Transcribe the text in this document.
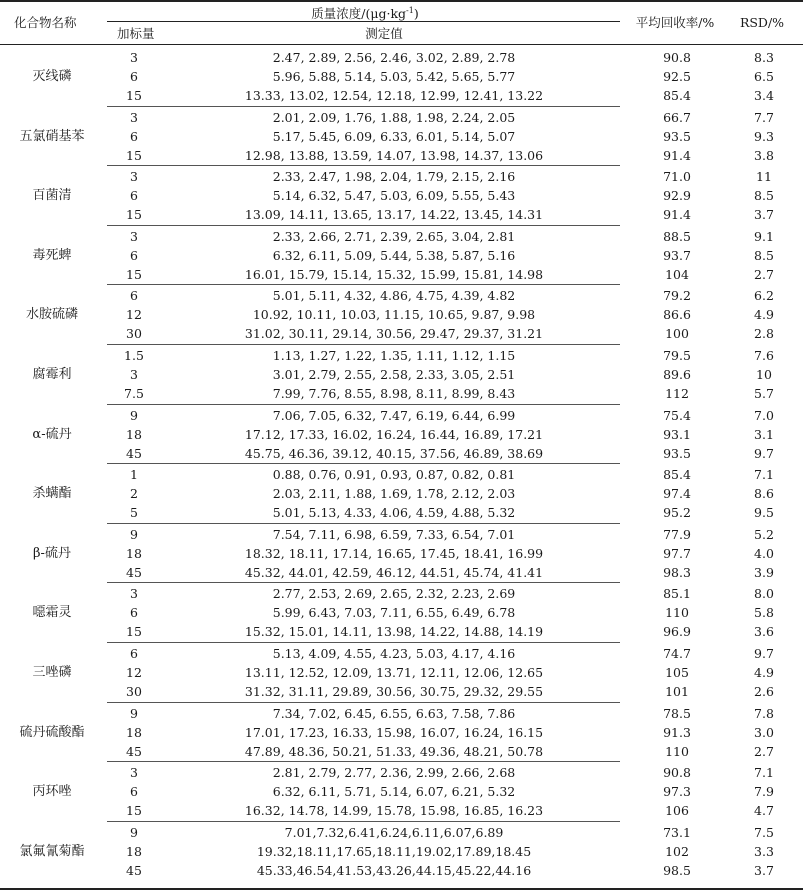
化合物名称
质量浓度$/(\mu g\cdot kg^{-1})$
加标量	测定值
平均回收率/% RSD/%
灭线磷
3	2.47, 2.89, 2.56, 2.46, 3.02, 2.89, 2.78	90.8	8.3
6	5.96, 5.88, 5.14, 5.03, 5.42, 5.65, 5.77	92.5	6.5
15	13.33, 13.02, 12.54, 12.18, 12.99, 12.41, 13.22	85.4	3.4
五氯硝基苯
3	2.01, 2.09, 1.76, 1.88, 1.98, 2.24, 2.05	66.7	7.7
6	5.17, 5.45, 6.09, 6.33, 6.01, 5.14, 5.07	93.5	9.3
15	12.98, 13.88, 13.59, 14.07, 13.98, 14.37, 13.06	91.4	3.8
百菌清
3	2.33, 2.47, 1.98, 2.04, 1.79, 2.15, 2.16	71.0	11
6	5.14, 6.32, 5.47, 5.03, 6.09, 5.55, 5.43	92.9	8.5
15	13.09, 14.11, 13.65, 13.17, 14.22, 13.45, 14.31	91.4	3.7
毒死蜱
3	2.33, 2.66, 2.71, 2.39, 2.65, 3.04, 2.81	88.5	9.1
6	6.32, 6.11, 5.09, 5.44, 5.38, 5.87, 5.16	93.7	8.5
15	16.01, 15.79, 15.14, 15.32, 15.99, 15.81, 14.98	104	2.7
水胺硫磷
6	5.01, 5.11, 4.32, 4.86, 4.75, 4.39, 4.82	79.2	6.2
12	10.92, 10.11, 10.03, 11.15, 10.65, 9.87, 9.98	86.6	4.9
30	31.02, 30.11, 29.14, 30.56, 29.47, 29.37, 31.21	100	2.8
腐霉利
1.5	1.13, 1.27, 1.22, 1.35, 1.11, 1.12, 1.15	79.5	7.6
3	3.01, 2.79, 2.55, 2.58, 2.33, 3.05, 2.51	89.6	10
7.5	7.99, 7.76, 8.55, 8.98, 8.11, 8.99, 8.43	112	5.7
α-硫丹
9	7.06, 7.05, 6.32, 7.47, 6.19, 6.44, 6.99	75.4	7.0
18	17.12, 17.33, 16.02, 16.24, 16.44, 16.89, 17.21	93.1	3.1
45	45.75, 46.36, 39.12, 40.15, 37.56, 46.89, 38.69	93.5	9.7
杀螨酯
1	0.88, 0.76, 0.91, 0.93, 0.87, 0.82, 0.81	85.4	7.1
2	2.03, 2.11, 1.88, 1.69, 1.78, 2.12, 2.03	97.4	8.6
5	5.01, 5.13, 4.33, 4.06, 4.59, 4.88, 5.32	95.2	9.5
β-硫丹
9	7.54, 7.11, 6.98, 6.59, 7.33, 6.54, 7.01	77.9	5.2
18	18.32, 18.11, 17.14, 16.65, 17.45, 18.41, 16.99	97.7	4.0
45	45.32, 44.01, 42.59, 46.12, 44.51, 45.74, 41.41	98.3	3.9
噁霜灵
3	2.77, 2.53, 2.69, 2.65, 2.32, 2.23, 2.69	85.1	8.0
6	5.99, 6.43, 7.03, 7.11, 6.55, 6.49, 6.78	110	5.8
15	15.32, 15.01, 14.11, 13.98, 14.22, 14.88, 14.19	96.9	3.6
三唑磷
6	5.13, 4.09, 4.55, 4.23, 5.03, 4.17, 4.16	74.7	9.7
12	13.11, 12.52, 12.09, 13.71, 12.11, 12.06, 12.65	105	4.9
30	31.32, 31.11, 29.89, 30.56, 30.75, 29.32, 29.55	101	2.6
硫丹硫酸酯
9	7.34, 7.02, 6.45, 6.55, 6.63, 7.58, 7.86	78.5	7.8
18	17.01, 17.23, 16.33, 15.98, 16.07, 16.24, 16.15	91.3	3.0
45	47.89, 48.36, 50.21, 51.33, 49.36, 48.21, 50.78	110	2.7
丙环唑
3	2.81, 2.79, 2.77, 2.36, 2.99, 2.66, 2.68	90.8	7.1
6	6.32, 6.11, 5.71, 5.14, 6.07, 6.21, 5.32	97.3	7.9
15	16.32, 14.78, 14.99, 15.78, 15.98, 16.85, 16.23	106	4.7
氯氟氰菊酯
9	7.01,7.32,6.41,6.24,6.11,6.07,6.89	73.1	7.5
18	19.32,18.11,17.65,18.11,19.02,17.89,18.45	102	3.3
45	45.33,46.54,41.53,43.26,44.15,45.22,44.16	98.5	3.7
